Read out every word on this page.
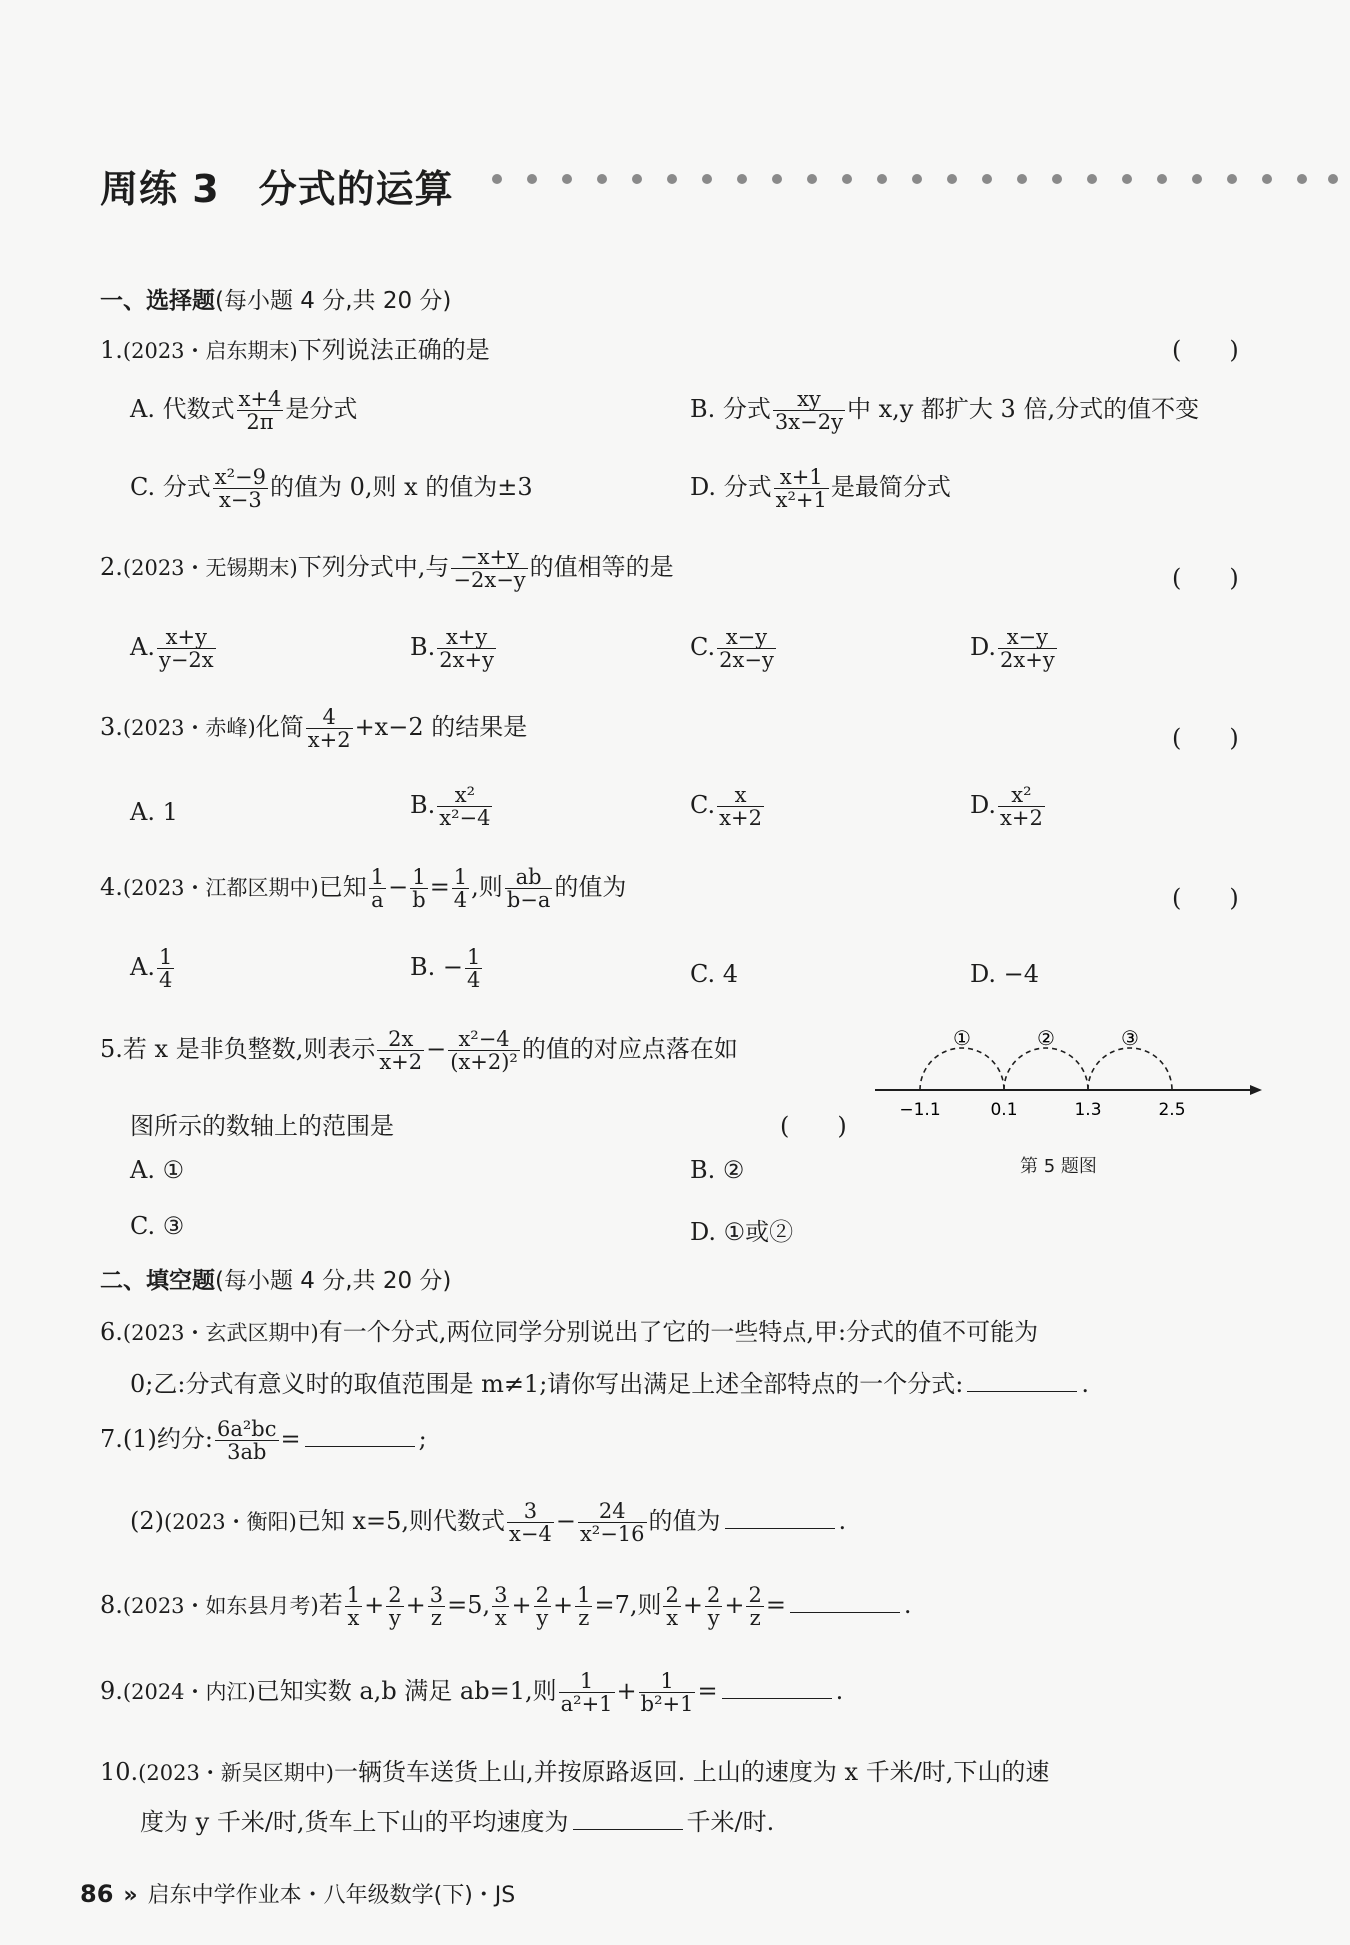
周练 3　分式的运算
一、选择题(每小题 4 分,共 20 分)
1.(2023・启东期末)下列说法正确的是	(　　)
A. 代数式 $\frac{x+4}{2\pi}$ 是分式	B. 分式 $\frac{xy}{3x-2y}$ 中 x,y 都扩大 3 倍,分式的值不变
C. 分式 $\frac{\text{x²−9}}{x-3}$ 的值为 0,则 x 的值为±3	D. 分式 $\frac{x+1}{\text{x²+1}}$ 是最简分式
2.(2023・无锡期末)下列分式中,与 $\frac{-x+y}{-2x-y}$ 的值相等的是	(　　)
A. $\frac{x+y}{y-2x}$	B. $\frac{x+y}{2x+y}$	C. $\frac{x-y}{2x-y}$	D. $\frac{x-y}{2x+y}$
3.(2023・赤峰)化简 $\frac{4}{x+2} +x-2$ 的结果是	(　　)
A. 1	B. $\frac{\text{x²}}{\text{x²−4}}$	C. $\frac{x}{x+2}$	D. $\frac{\text{x²}}{x+2}$
4.(2023・江都区期中)已知 $\frac{1}{a} - \frac{1}{b} = \frac{1}{4}$ ,则 $\frac{ab}{b-a}$ 的值为	(　　)
A. $\frac{1}{4}$	B. − $\frac{1}{4}$	C. 4	D. −4
5.若 x 是非负整数,则表示 $\frac{2x}{x+2} - \frac{\text{x²−4}}{\text{(x+2)²}}$ 的值的对应点落在如
图所示的数轴上的范围是	(　　)
A. ①	B. ②
C. ③	D. ①或②
①	②	③
−1.1	0.1	1.3	2.5
第 5 题图
二、填空题(每小题 4 分,共 20 分)
6.(2023・玄武区期中)有一个分式,两位同学分别说出了它的一些特点,甲:分式的值不可能为
0;乙:分式有意义时的取值范围是 m≠1;请你写出满足上述全部特点的一个分式:	.
7.(1)约分: $\frac{\text{6a²bc}}{3ab}$ =	;
(2)(2023・衡阳)已知 x=5,则代数式 $\frac{3}{x-4} - \frac{24}{\text{x²−16}}$ 的值为	.
8.(2023・如东县月考)若 $\frac{1}{x} + \frac{2}{y} + \frac{3}{z} =5$, $\frac{3}{x} + \frac{2}{y} + \frac{1}{z} =7$,则 $\frac{2}{x} + \frac{2}{y} + \frac{2}{z}$ =	.
9.(2024・内江)已知实数 a,b 满足 ab=1,则 $\frac{1}{\text{a²+1}} + \frac{1}{\text{b²+1}}$ =	.
10.(2023・新吴区期中)一辆货车送货上山,并按原路返回. 上山的速度为 x 千米/时,下山的速
度为 y 千米/时,货车上下山的平均速度为	千米/时.
86 » 启东中学作业本・八年级数学(下)・JS
